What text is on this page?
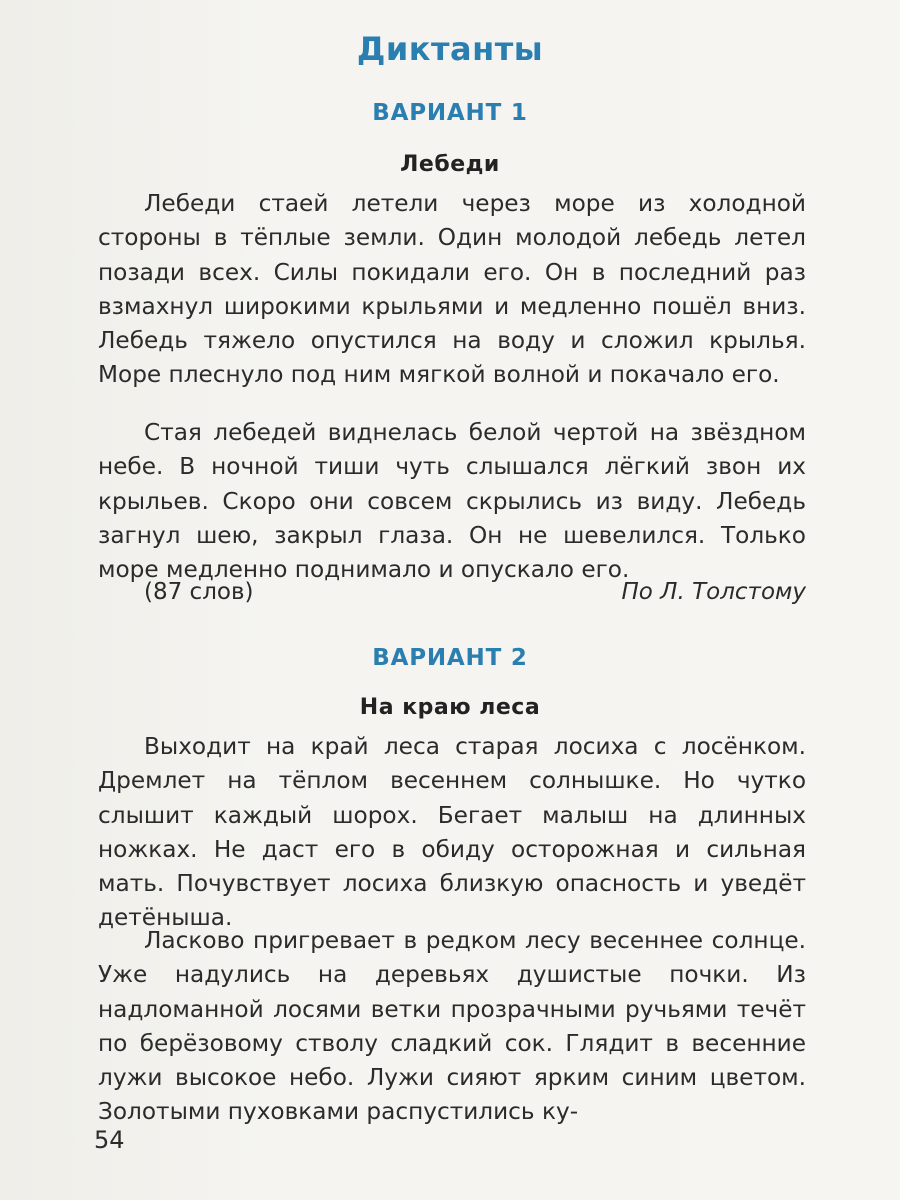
Диктанты
ВАРИАНТ 1
Лебеди

Лебеди стаей летели через море из холодной стороны в тёплые земли. Один молодой лебедь летел позади всех. Силы покидали его. Он в последний раз взмахнул широкими крыльями и медленно пошёл вниз. Лебедь тяжело опустился на воду и сложил крылья. Море плеснуло под ним мягкой волной и покачало его.

Стая лебедей виднелась белой чертой на звёздном небе. В ночной тиши чуть слышался лёгкий звон их крыльев. Скоро они совсем скрылись из виду. Лебедь загнул шею, закрыл глаза. Он не шевелился. Только море медленно поднимало и опускало его.

(87 слов)	По Л. Толстому
ВАРИАНТ 2
На краю леса

Выходит на край леса старая лосиха с лосёнком. Дремлет на тёплом весеннем солнышке. Но чутко слышит каждый шорох. Бегает малыш на длинных ножках. Не даст его в обиду осторожная и сильная мать. Почувствует лосиха близкую опасность и уведёт детёныша.

Ласково пригревает в редком лесу весеннее солнце. Уже надулись на деревьях душистые почки. Из надломанной лосями ветки прозрачными ручьями течёт по берёзовому стволу сладкий сок. Глядит в весенние лужи высокое небо. Лужи сияют ярким синим цветом. Золотыми пуховками распустились ку-

54
